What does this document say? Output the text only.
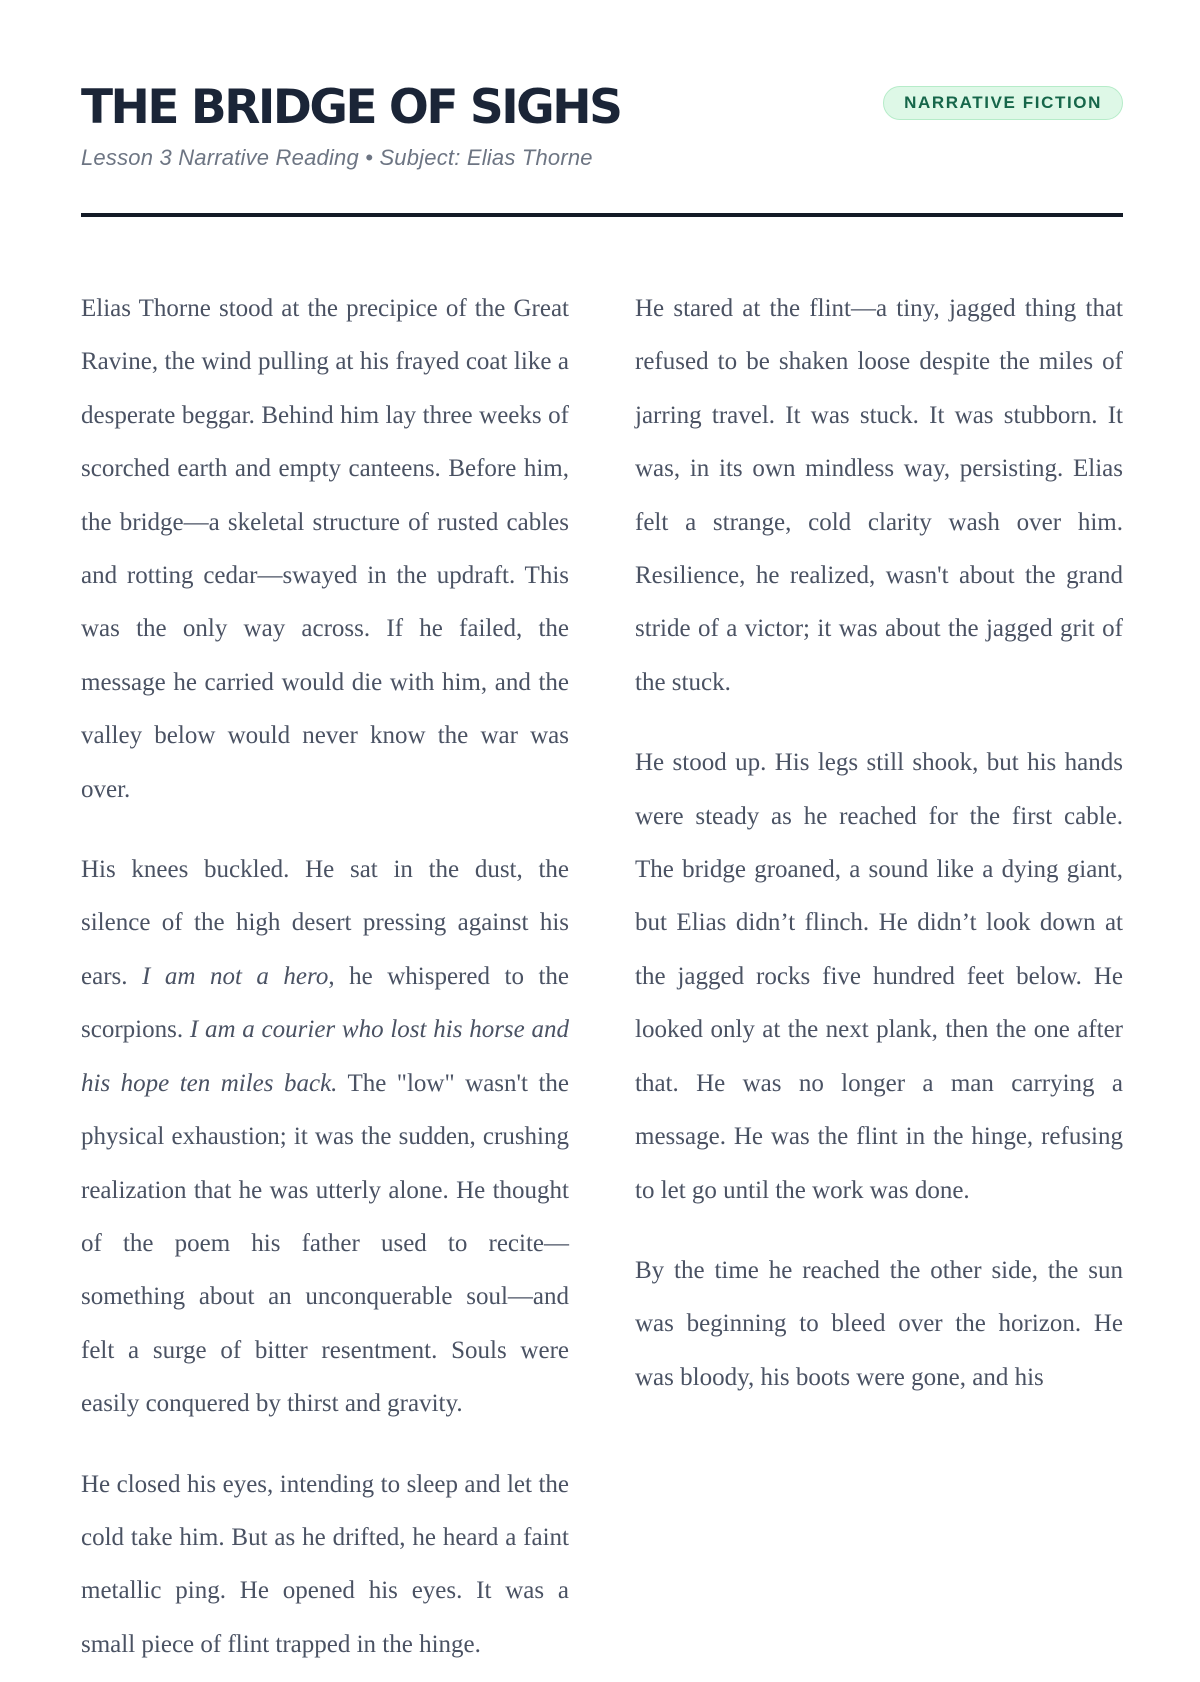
THE BRIDGE OF SIGHS
Lesson 3 Narrative Reading • Subject: Elias Thorne
NARRATIVE FICTION

Elias Thorne stood at the precipice of the Great Ravine, the wind pulling at his frayed coat like a desperate beggar. Behind him lay three weeks of scorched earth and empty canteens. Before him, the bridge—a skeletal structure of rusted cables and rotting cedar—swayed in the updraft. This was the only way across. If he failed, the message he carried would die with him, and the valley below would never know the war was over.

His knees buckled. He sat in the dust, the silence of the high desert pressing against his ears. I am not a hero, he whispered to the scorpions. I am a courier who lost his horse and his hope ten miles back. The "low" wasn't the physical exhaustion; it was the sudden, crushing realization that he was utterly alone. He thought of the poem his father used to recite—something about an unconquerable soul—and felt a surge of bitter resentment. Souls were easily conquered by thirst and gravity.

He closed his eyes, intending to sleep and let the cold take him. But as he drifted, he heard a faint metallic ping. He opened his eyes. It was a small piece of flint trapped in the hinge.

He stared at the flint—a tiny, jagged thing that refused to be shaken loose despite the miles of jarring travel. It was stuck. It was stubborn. It was, in its own mindless way, persisting. Elias felt a strange, cold clarity wash over him. Resilience, he realized, wasn't about the grand stride of a victor; it was about the jagged grit of the stuck.

He stood up. His legs still shook, but his hands were steady as he reached for the first cable. The bridge groaned, a sound like a dying giant, but Elias didn’t flinch. He didn’t look down at the jagged rocks five hundred feet below. He looked only at the next plank, then the one after that. He was no longer a man carrying a message. He was the flint in the hinge, refusing to let go until the work was done.

By the time he reached the other side, the sun was beginning to bleed over the horizon. He was bloody, his boots were gone, and his
